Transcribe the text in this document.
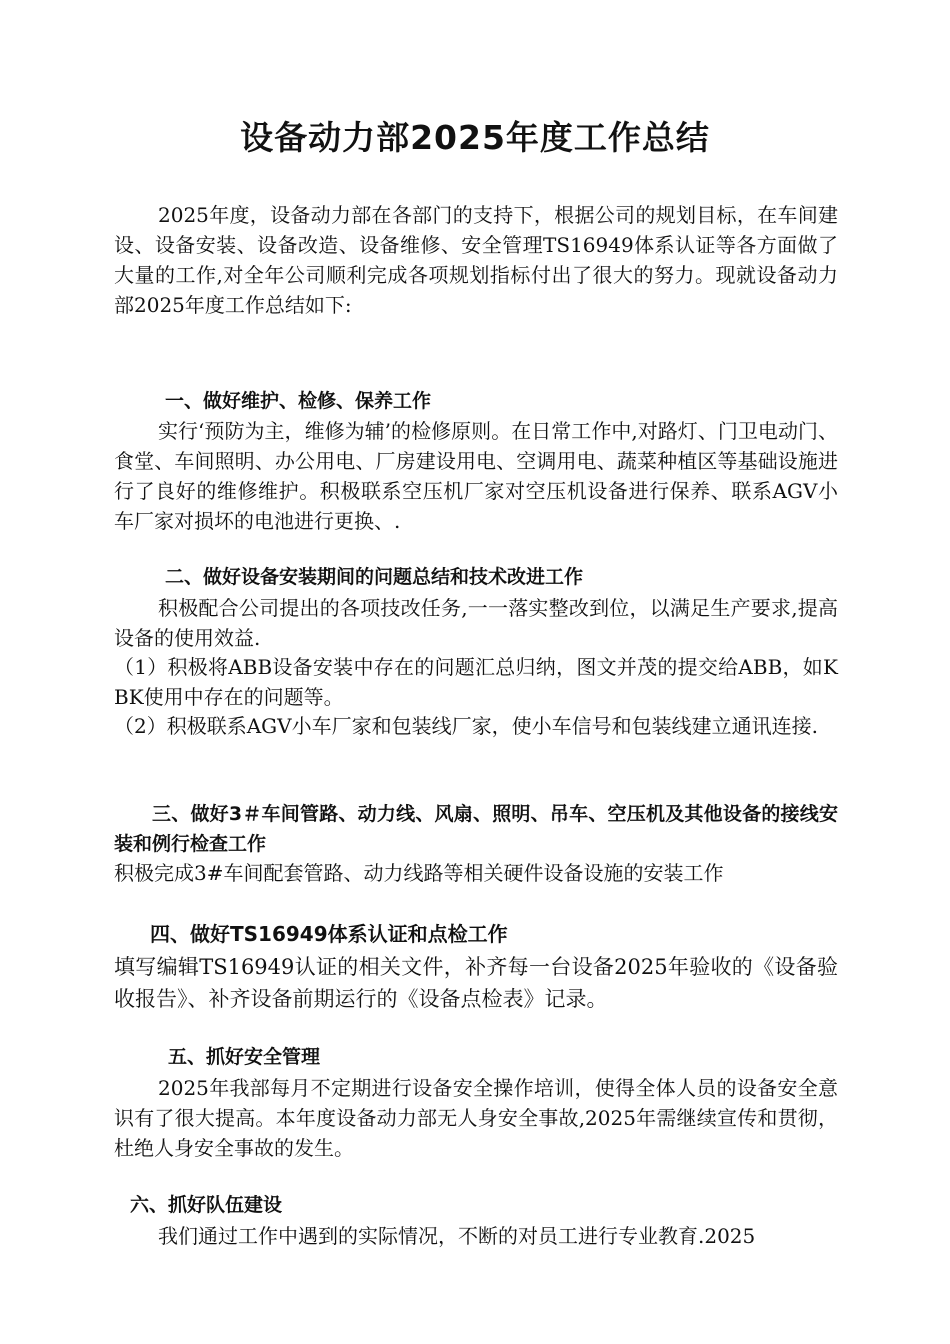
设备动力部2025年度工作总结
2025年度，设备动力部在各部门的支持下，根据公司的规划目标，在车间建设、设备安装、设备改造、设备维修、安全管理TS16949体系认证等各方面做了大量的工作,对全年公司顺利完成各项规划指标付出了很大的努力。现就设备动力部2025年度工作总结如下:
一、做好维护、检修、保养工作
实行‘预防为主，维修为辅’的检修原则。在日常工作中,对路灯、门卫电动门、食堂、车间照明、办公用电、厂房建设用电、空调用电、蔬菜种植区等基础设施进行了良好的维修维护。积极联系空压机厂家对空压机设备进行保养、联系AGV小车厂家对损坏的电池进行更换、.
二、做好设备安装期间的问题总结和技术改进工作
积极配合公司提出的各项技改任务,一一落实整改到位，以满足生产要求,提高设备的使用效益.
（1）积极将ABB设备安装中存在的问题汇总归纳，图文并茂的提交给ABB，如KBK使用中存在的问题等。
（2）积极联系AGV小车厂家和包装线厂家，使小车信号和包装线建立通讯连接.
三、做好3＃车间管路、动力线、风扇、照明、吊车、空压机及其他设备的接线安装和例行检查工作
积极完成3#车间配套管路、动力线路等相关硬件设备设施的安装工作
四、做好TS16949体系认证和点检工作
填写编辑TS16949认证的相关文件，补齐每一台设备2025年验收的《设备验收报告》、补齐设备前期运行的《设备点检表》记录。
五、抓好安全管理
2025年我部每月不定期进行设备安全操作培训，使得全体人员的设备安全意识有了很大提高。本年度设备动力部无人身安全事故,2025年需继续宣传和贯彻，杜绝人身安全事故的发生。
六、抓好队伍建设
我们通过工作中遇到的实际情况，不断的对员工进行专业教育.2025
